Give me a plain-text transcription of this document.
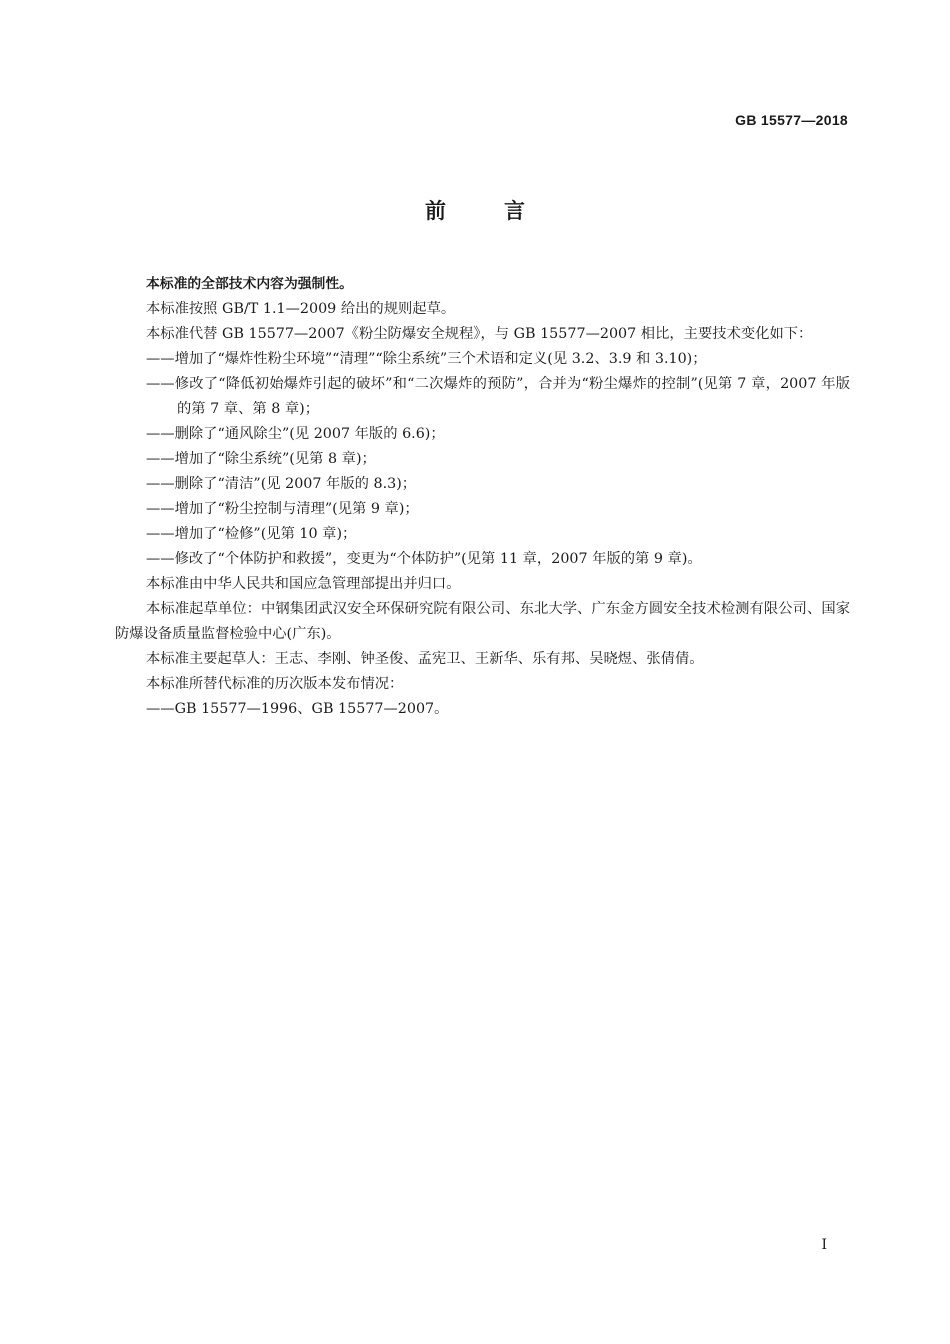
GB 15577—2018
前言

本标准的全部技术内容为强制性。

本标准按照 GB/T 1.1—2009 给出的规则起草。

本标准代替 GB 15577—2007《粉尘防爆安全规程》，与 GB 15577—2007 相比，主要技术变化如下：

——增加了“爆炸性粉尘环境”“清理”“除尘系统”三个术语和定义(见 3.2、3.9 和 3.10)；

——修改了“降低初始爆炸引起的破坏”和“二次爆炸的预防”，合并为“粉尘爆炸的控制”(见第 7 章，2007 年版的第 7 章、第 8 章)；

——删除了“通风除尘”(见 2007 年版的 6.6)；

——增加了“除尘系统”(见第 8 章)；

——删除了“清洁”(见 2007 年版的 8.3)；

——增加了“粉尘控制与清理”(见第 9 章)；

——增加了“检修”(见第 10 章)；

——修改了“个体防护和救援”，变更为“个体防护”(见第 11 章，2007 年版的第 9 章)。

本标准由中华人民共和国应急管理部提出并归口。

本标准起草单位：中钢集团武汉安全环保研究院有限公司、东北大学、广东金方圆安全技术检测有限公司、国家防爆设备质量监督检验中心(广东)。

本标准主要起草人：王志、李刚、钟圣俊、孟宪卫、王新华、乐有邦、吴晓煜、张倩倩。

本标准所替代标准的历次版本发布情况：

——GB 15577—1996、GB 15577—2007。

I
